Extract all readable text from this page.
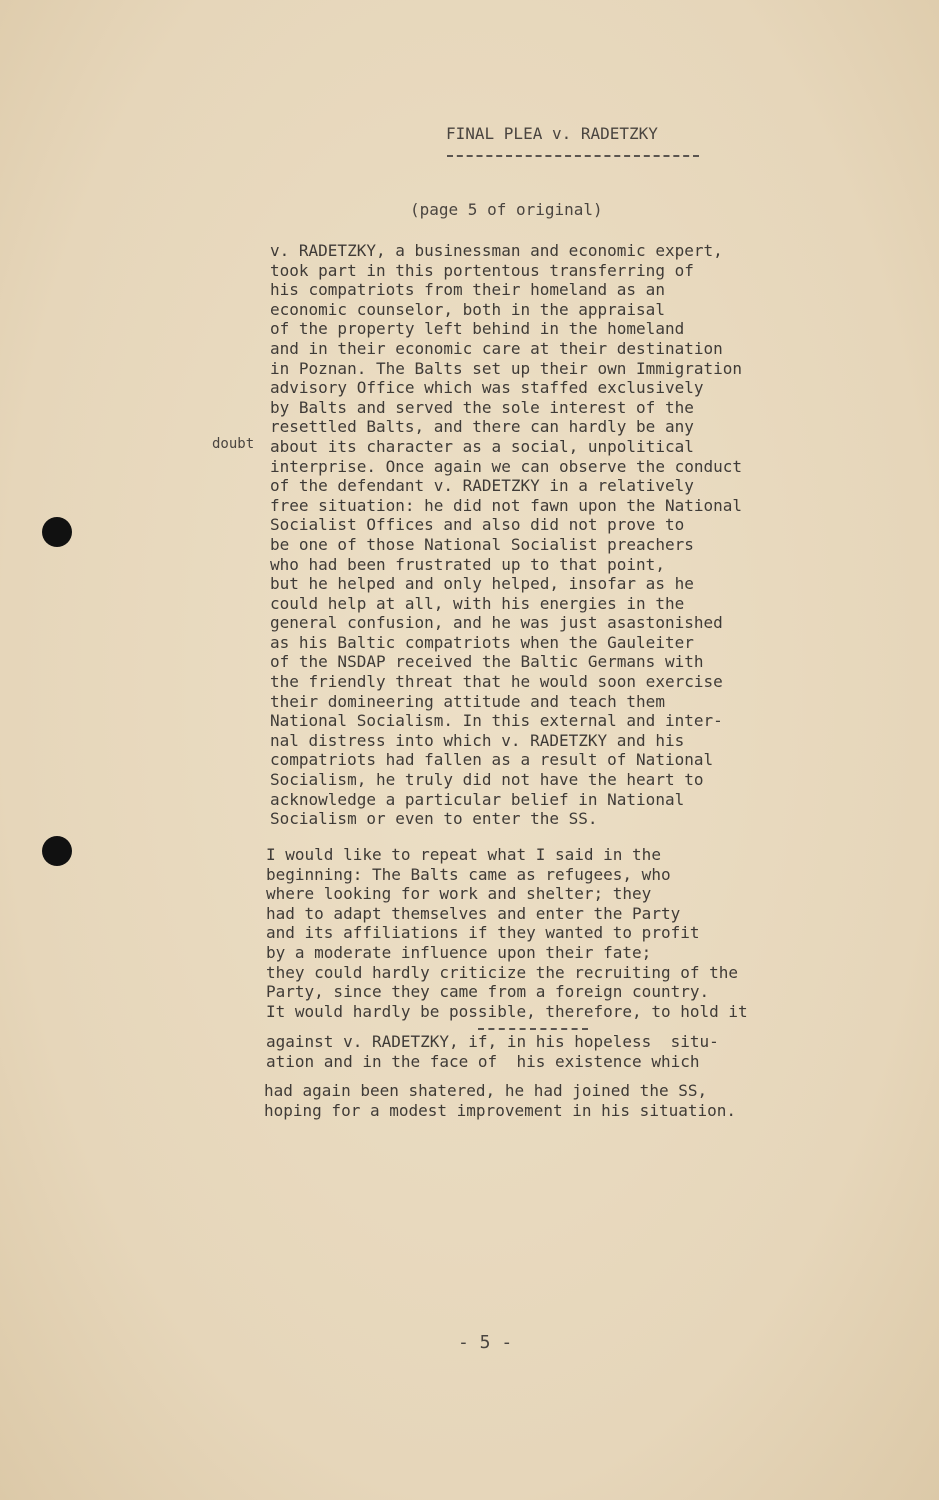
FINAL PLEA v. RADETZKY
(page 5 of original)
doubt
v. RADETZKY, a businessman and economic expert,
took part in this portentous transferring of
his compatriots from their homeland as an
economic counselor, both in the appraisal
of the property left behind in the homeland
and in their economic care at their destination
in Poznan. The Balts set up their own Immigration
advisory Office which was staffed exclusively
by Balts and served the sole interest of the
resettled Balts, and there can hardly be any
about its character as a social, unpolitical
interprise. Once again we can observe the conduct
of the defendant v. RADETZKY in a relatively
free situation: he did not fawn upon the National
Socialist Offices and also did not prove to
be one of those National Socialist preachers
who had been frustrated up to that point,
but he helped and only helped, insofar as he
could help at all, with his energies in the
general confusion, and he was just asastonished
as his Baltic compatriots when the Gauleiter
of the NSDAP received the Baltic Germans with
the friendly threat that he would soon exercise
their domineering attitude and teach them
National Socialism. In this external and inter-
nal distress into which v. RADETZKY and his
compatriots had fallen as a result of National
Socialism, he truly did not have the heart to
acknowledge a particular belief in National
Socialism or even to enter the SS.
I would like to repeat what I said in the
beginning: The Balts came as refugees, who
where looking for work and shelter; they
had to adapt themselves and enter the Party
and its affiliations if they wanted to profit
by a moderate influence upon their fate;
they could hardly criticize the recruiting of the
Party, since they came from a foreign country.
It would hardly be possible, therefore, to hold it
against v. RADETZKY, if, in his hopeless  situ-
ation and in the face of  his existence which
had again been shatered, he had joined the SS,
hoping for a modest improvement in his situation.
- 5 -
